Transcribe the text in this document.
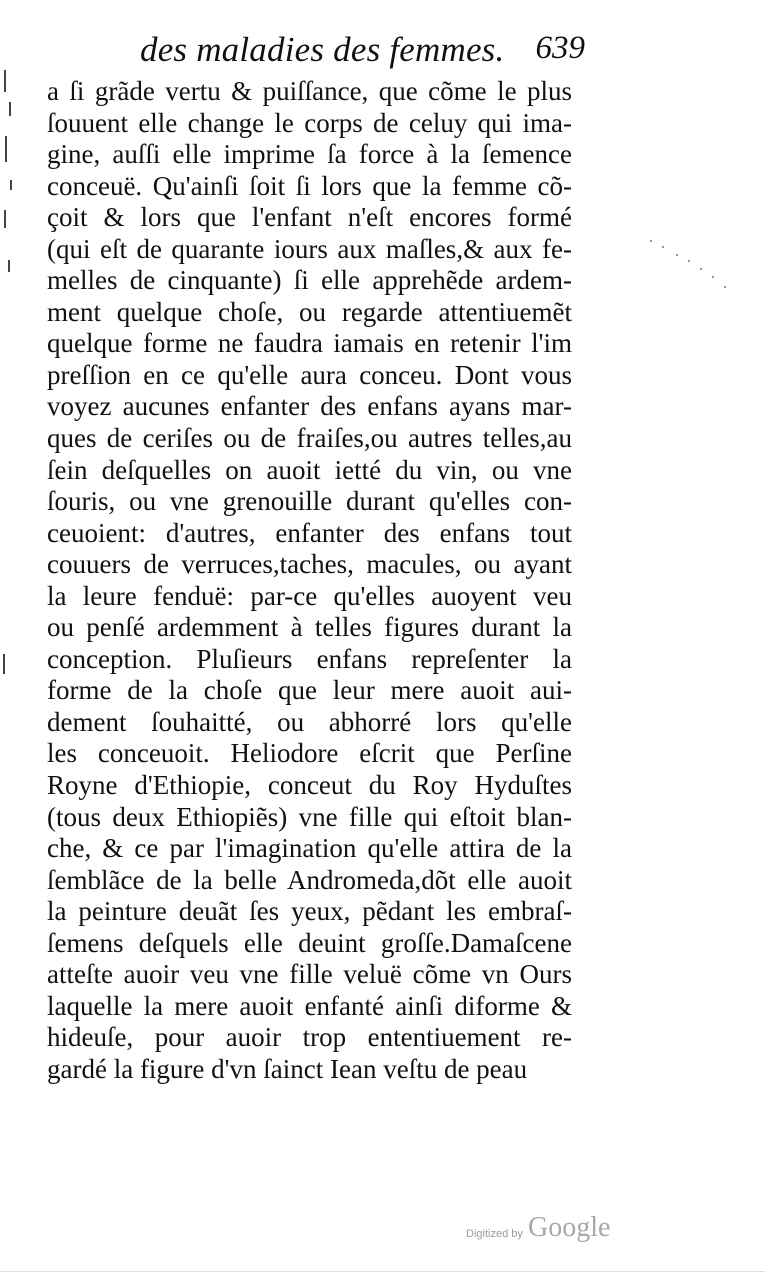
des maladies des femmes. 639
a ſi grãde vertu & puiſſance, que cõme le plus
ſouuent elle change le corps de celuy qui ima-
gine, auſſi elle imprime ſa force à la ſemence
conceuë. Qu'ainſi ſoit ſi lors que la femme cõ-
çoit & lors que l'enfant n'eſt encores formé
(qui eſt de quarante iours aux maſles,& aux fe-
melles de cinquante) ſi elle apprehẽde ardem-
ment quelque choſe, ou regarde attentiuemẽt
quelque forme ne faudra iamais en retenir l'im
preſſion en ce qu'elle aura conceu. Dont vous
voyez aucunes enfanter des enfans ayans mar-
ques de ceriſes ou de fraiſes,ou autres telles,au
ſein deſquelles on auoit ietté du vin, ou vne
ſouris, ou vne grenouille durant qu'elles con-
ceuoient: d'autres, enfanter des enfans tout
couuers de verruces,taches, macules, ou ayant
la leure fenduë: par-ce qu'elles auoyent veu
ou penſé ardemment à telles figures durant la
conception. Pluſieurs enfans repreſenter la
forme de la choſe que leur mere auoit aui-
dement ſouhaitté, ou abhorré lors qu'elle
les conceuoit. Heliodore eſcrit que Perſine
Royne d'Ethiopie, conceut du Roy Hyduſtes
(tous deux Ethiopiẽs) vne fille qui eſtoit blan-
che, & ce par l'imagination qu'elle attira de la
ſemblãce de la belle Andromeda,dõt elle auoit
la peinture deuãt ſes yeux, pẽdant les embraſ-
ſemens deſquels elle deuint groſſe.Damaſcene
atteſte auoir veu vne fille veluë cõme vn Ours
laquelle la mere auoit enfanté ainſi diforme &
hideuſe, pour auoir trop ententiuement re-
gardé la figure d'vn ſainct Iean veſtu de peau
Digitized by Google
